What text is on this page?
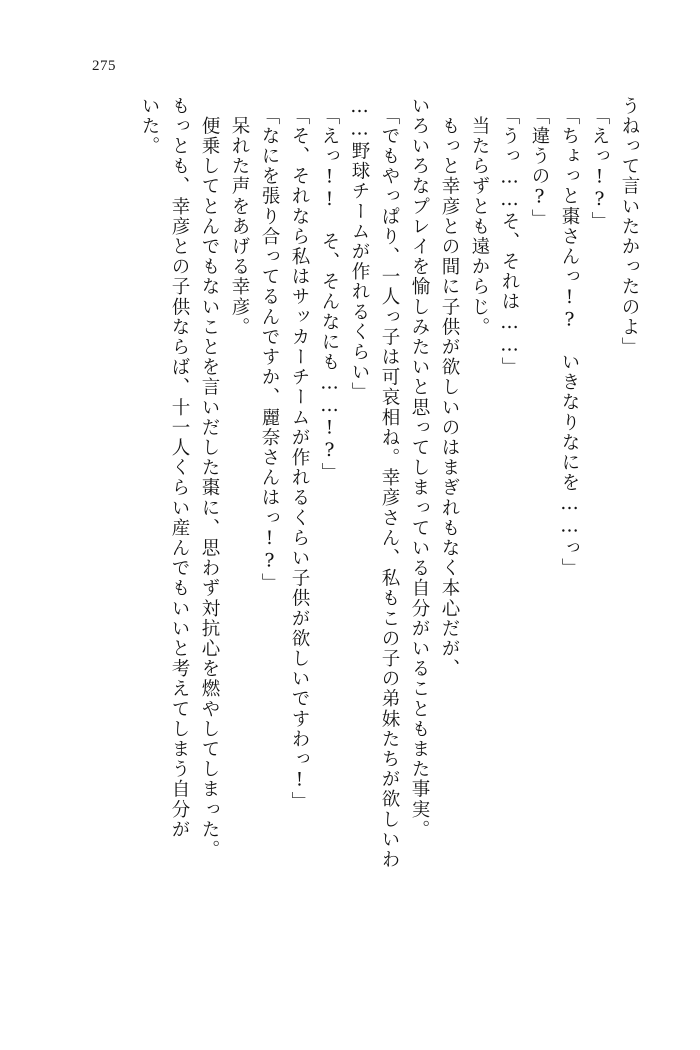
275
うねって言いたかったのよ」
「えっ!?」
「ちょっと棗さんっ!?　いきなりなにを……っ」
「違うの?」
「うっ……そ、それは……」
　当たらずとも遠からじ。
　もっと幸彦との間に子供が欲しいのはまぎれもなく本心だが、
いろいろなプレイを愉しみたいと思ってしまっている自分がいることもまた事実。
「でもやっぱり、一人っ子は可哀相ね。幸彦さん、私もこの子の弟妹たちが欲しいわ
……野球チームが作れるくらい」
「えっ!!　そ、そんなにも……!?」
「そ、それなら私はサッカーチームが作れるくらい子供が欲しいですわっ!」
「なにを張り合ってるんですか、麗奈さんはっ!?」
　呆れた声をあげる幸彦。
　便乗してとんでもないことを言いだした棗に、思わず対抗心を燃やしてしまった。
もっとも、幸彦との子供ならば、十一人くらい産んでもいいと考えてしまう自分が
いた。
